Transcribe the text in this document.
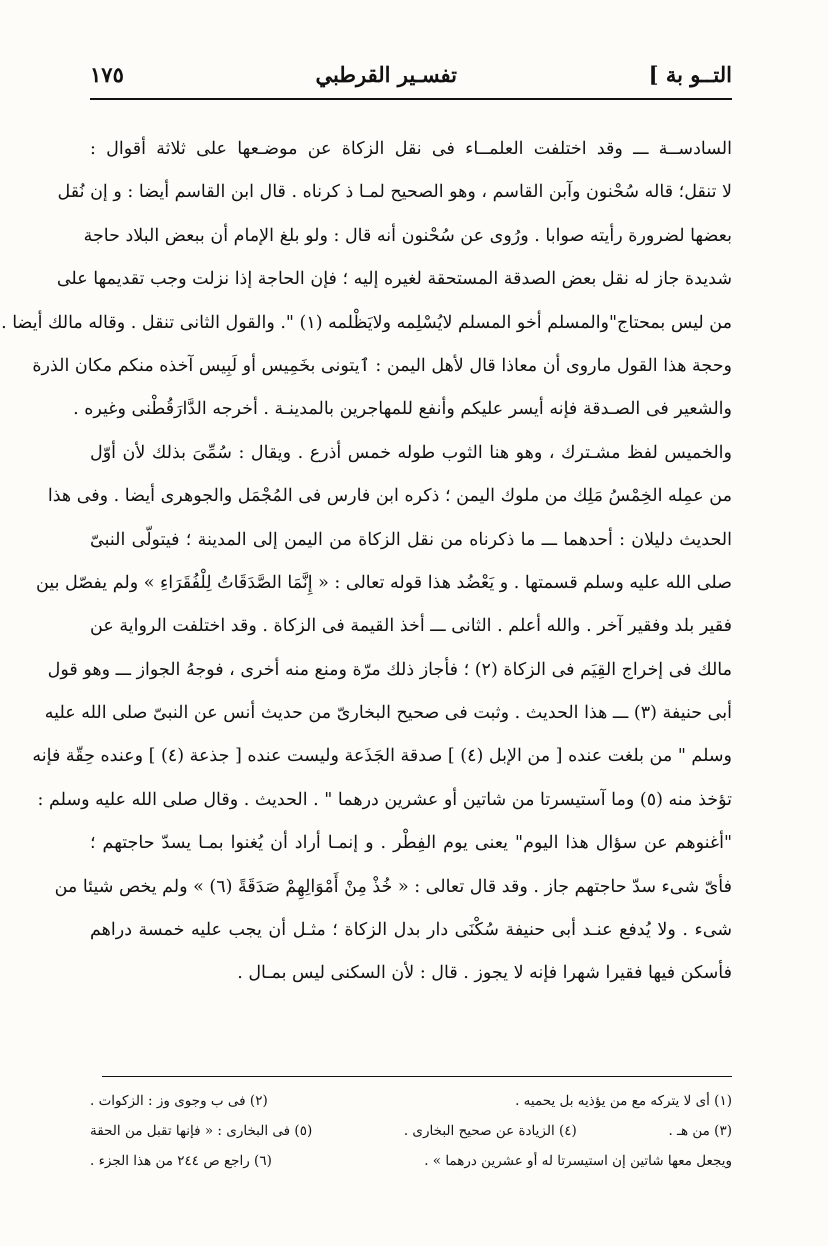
التــو بة ]
تفسـير القرطبي
١٧٥

السادســة ـــ وقد اختلفت العلمــاء فى نقل الزكاة عن موضـعها على ثلاثة أقوال :

لا تنقل؛ قاله سُحْنون وآبن القاسم ، وهو الصحيح لمـا ذ كرناه . قال ابن القاسم أيضا : و إن نُقل

بعضها لضرورة رأيته صوابا . ورُوى عن سُحْنون أنه قال : ولو بلغ الإمام أن ببعض البلاد حاجة

شديدة جاز له نقل بعض الصدقة المستحقة لغيره إليه ؛ فإن الحاجة إذا نزلت وجب تقديمها على

من ليس بمحتاج"والمسلم أخو المسلم لايُسْلِمه ولايَظْلمه (١) ". والقول الثانى تنقل . وقاله مالك أيضا .

وحجة هذا القول ماروى أن معاذا قال لأهل اليمن : ٱيتونى بخَمِيس أو لَبِيس آخذه منكم مكان الذرة

والشعير فى الصـدقة فإنه أيسر عليكم وأنفع للمهاجرين بالمدينـة . أخرجه الدَّارَقُطْنى وغيره .

والخميس لفظ مشـترك ، وهو هنا الثوب طوله خمس أذرع . ويقال : سُمِّىَ بذلك لأن أوّل

من عمِله الخِمْسُ مَلِك من ملوك اليمن ؛ ذكره ابن فارس فى المُجْمَل والجوهرى أيضا . وفى هذا

الحديث دليلان : أحدهما ـــ ما ذكرناه من نقل الزكاة من اليمن إلى المدينة ؛ فيتولّى النبىّ

صلى الله عليه وسلم قسمتها . و يَعْضُد هذا قوله تعالى : « إِنَّمَا الصَّدَقَاتُ لِلْفُقَرَاءِ » ولم يفصّل بين

فقير بلد وفقير آخر . والله أعلم . الثانى ـــ أخذ القيمة فى الزكاة . وقد اختلفت الرواية عن

مالك فى إخراج القِيَم فى الزكاة (٢) ؛ فأجاز ذلك مرّة ومنع منه أخرى ، فوجهُ الجواز ـــ وهو قول

أبى حنيفة (٣) ـــ هذا الحديث . وثبت فى صحيح البخارىّ من حديث أنس عن النبىّ صلى الله عليه

وسلم " من بلغت عنده [ من الإبل (٤) ] صدقة الجَذَعة وليست عنده [ جذعة (٤) ] وعنده حِقّة فإنه

تؤخذ منه (٥) وما آستيسرتا من شاتين أو عشرين درهما " . الحديث . وقال صلى الله عليه وسلم :

"أغنوهم عن سؤال هذا اليوم" يعنى يوم الفِطْر . و إنمـا أراد أن يُغنوا بمـا يسدّ حاجتهم ؛

فأىّ شىء سدّ حاجتهم جاز . وقد قال تعالى : « خُذْ مِنْ أَمْوَالِهِمْ صَدَقَةً (٦) » ولم يخص شيئا من

شىء . ولا يُدفع عنـد أبى حنيفة سُكْنَى دار بدل الزكاة ؛ مثـل أن يجب عليه خمسة دراهم

فأسكن فيها فقيرا شهرا فإنه لا يجوز . قال : لأن السكنى ليس بمـال .

(١) أى لا يتركه مع من يؤذيه بل يحميه .
(٢) فى ب وجوى وز : الزكوات .
(٣) من هـ .
(٤) الزيادة عن صحيح البخارى .
(٥) فى البخارى : « فإنها تقبل من الحقة
ويجعل معها شاتين إن استيسرتا له أو عشرين درهما » .
(٦) راجع ص ٢٤٤ من هذا الجزء .
